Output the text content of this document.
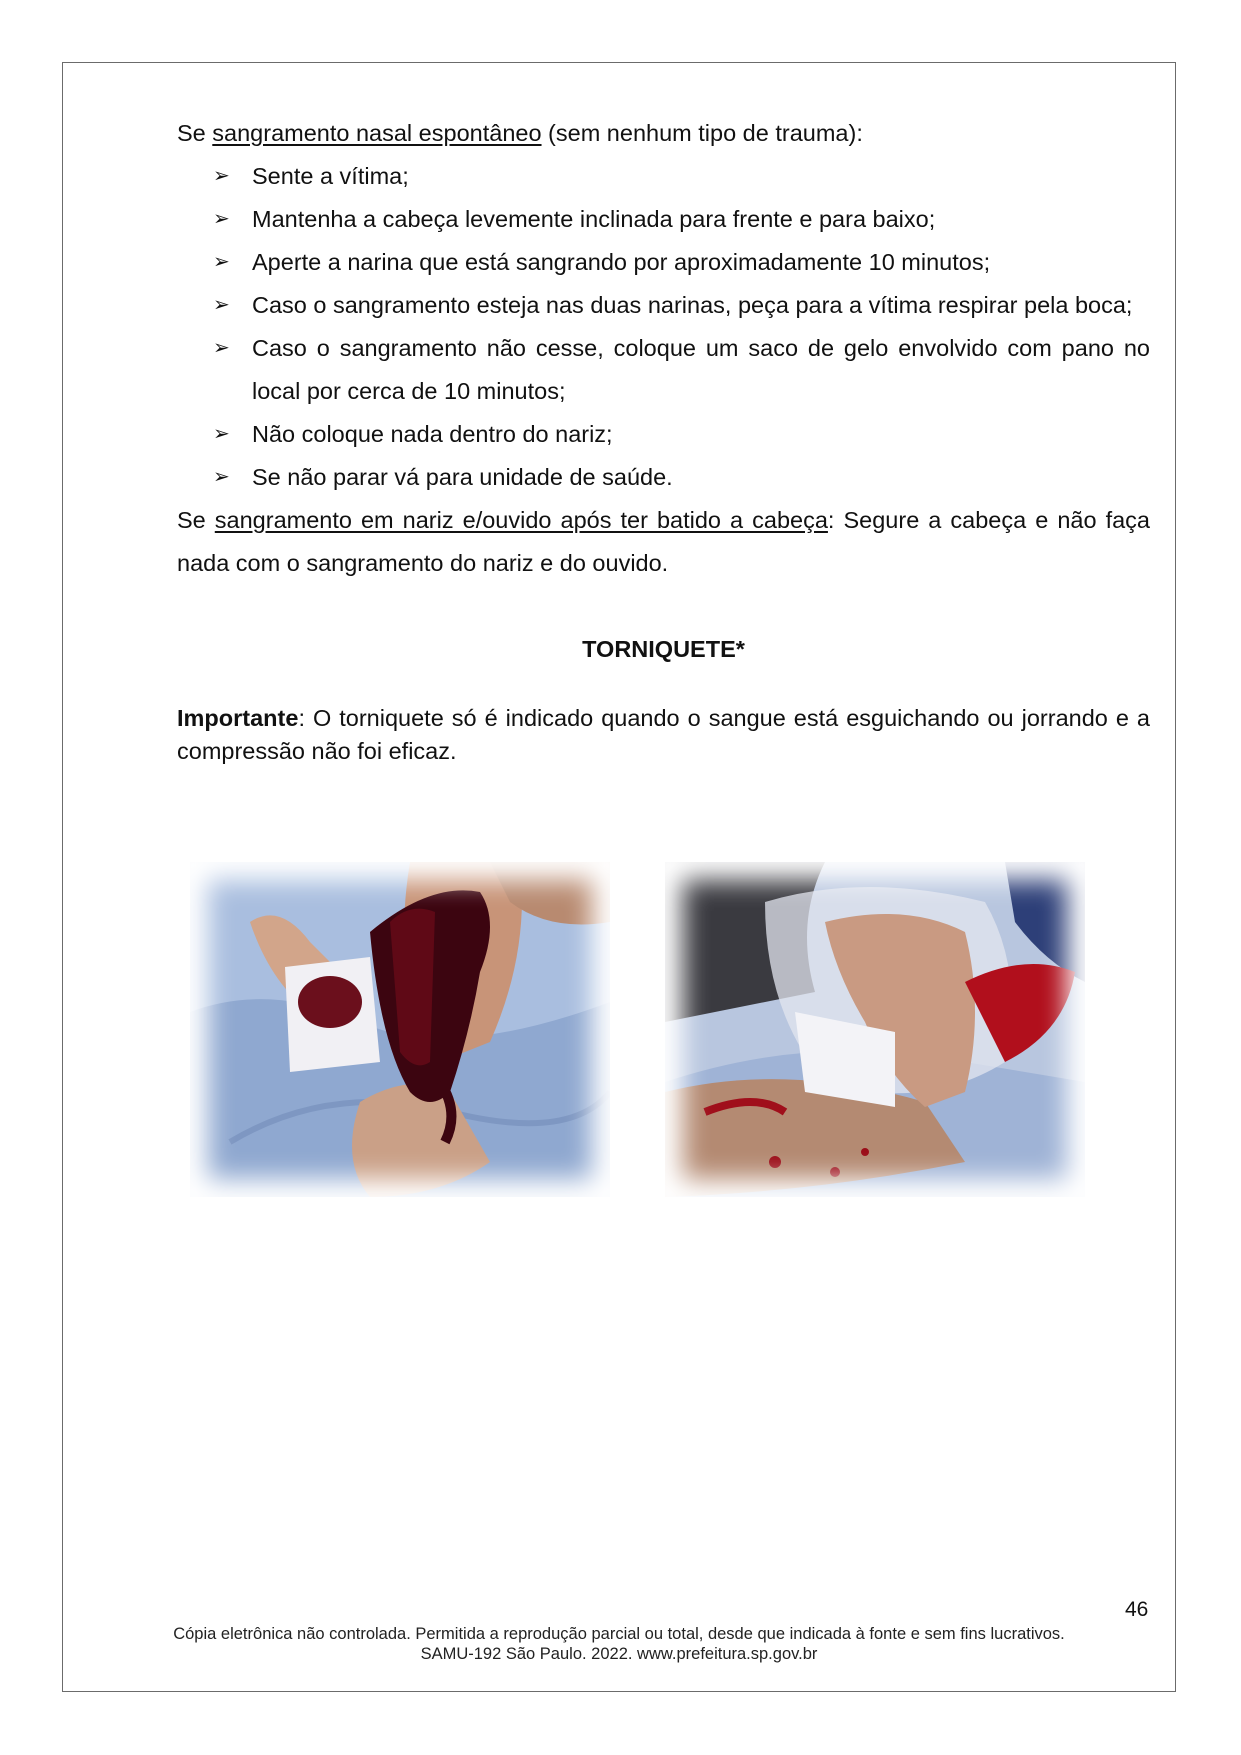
Se sangramento nasal espontâneo (sem nenhum tipo de trauma):

➢ Sente a vítima;
➢ Mantenha a cabeça levemente inclinada para frente e para baixo;
➢ Aperte a narina que está sangrando por aproximadamente 10 minutos;
➢ Caso o sangramento esteja nas duas narinas, peça para a vítima respirar pela boca;
➢ Caso o sangramento não cesse, coloque um saco de gelo envolvido com pano no local por cerca de 10 minutos;
➢ Não coloque nada dentro do nariz;
➢ Se não parar vá para unidade de saúde.

Se sangramento em nariz e/ouvido após ter batido a cabeça: Segure a cabeça e não faça nada com o sangramento do nariz e do ouvido.

TORNIQUETE*

Importante: O torniquete só é indicado quando o sangue está esguichando ou jorrando e a compressão não foi eficaz.

46
Cópia eletrônica não controlada. Permitida a reprodução parcial ou total, desde que indicada à fonte e sem fins lucrativos.
SAMU-192 São Paulo. 2022. www.prefeitura.sp.gov.br
